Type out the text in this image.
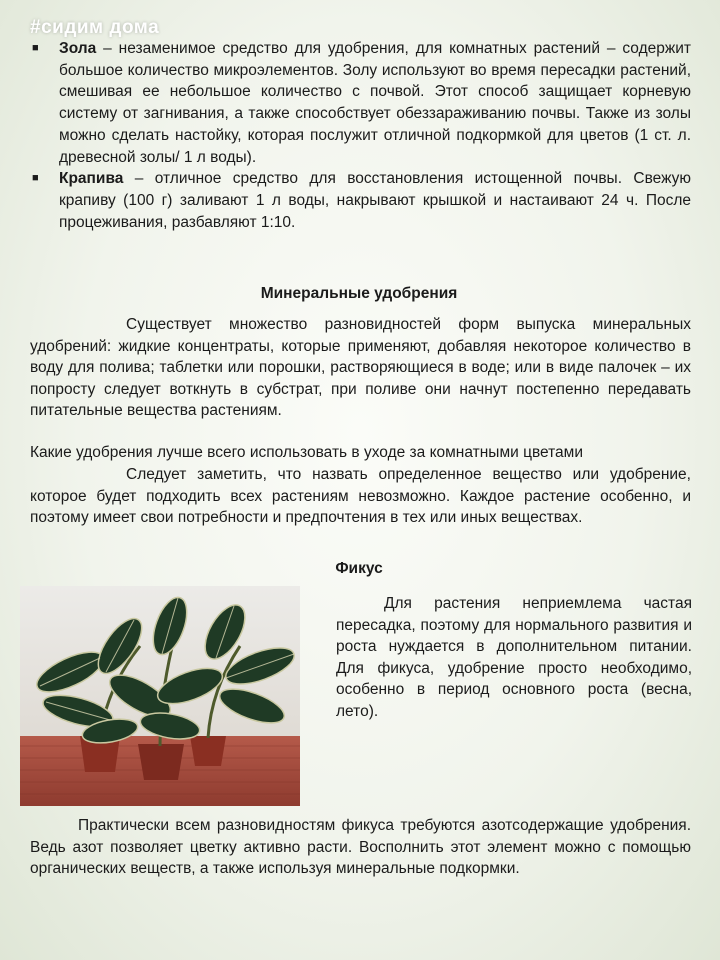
#сидим дома
■ Зола – незаменимое средство для удобрения, для комнатных растений – содержит большое количество микроэлементов. Золу используют во время пересадки растений, смешивая ее небольшое количество с почвой. Этот способ защищает корневую систему от загнивания, а также способствует обеззараживанию почвы. Также из золы можно сделать настойку, которая послужит отличной подкормкой для цветов (1 ст. л. древесной золы/ 1 л воды).
■ Крапива – отличное средство для восстановления истощенной почвы. Свежую крапиву (100 г) заливают 1 л воды, накрывают крышкой и настаивают 24 ч. После процеживания, разбавляют 1:10.
Минеральные удобрения

Существует множество разновидностей форм выпуска минеральных удобрений: жидкие концентраты, которые применяют, добавляя некоторое количество в воду для полива; таблетки или порошки, растворяющиеся в воде; или в виде палочек – их попросту следует воткнуть в субстрат, при поливе они начнут постепенно передавать питательные вещества растениям.

Какие удобрения лучше всего использовать в уходе за комнатными цветами

Следует заметить, что назвать определенное вещество или удобрение, которое будет подходить всех растениям невозможно. Каждое растение особенно, и поэтому имеет свои потребности и предпочтения в тех или иных веществах.

Фикус

Для растения неприемлема частая пересадка, поэтому для нормального развития и роста нуждается в дополнительном питании. Для фикуса, удобрение просто необходимо, особенно в период основного роста (весна, лето).

Практически всем разновидностям фикуса требуются азотсодержащие удобрения. Ведь азот позволяет цветку активно расти. Восполнить этот элемент можно с помощью органических веществ, а также используя минеральные подкормки.
